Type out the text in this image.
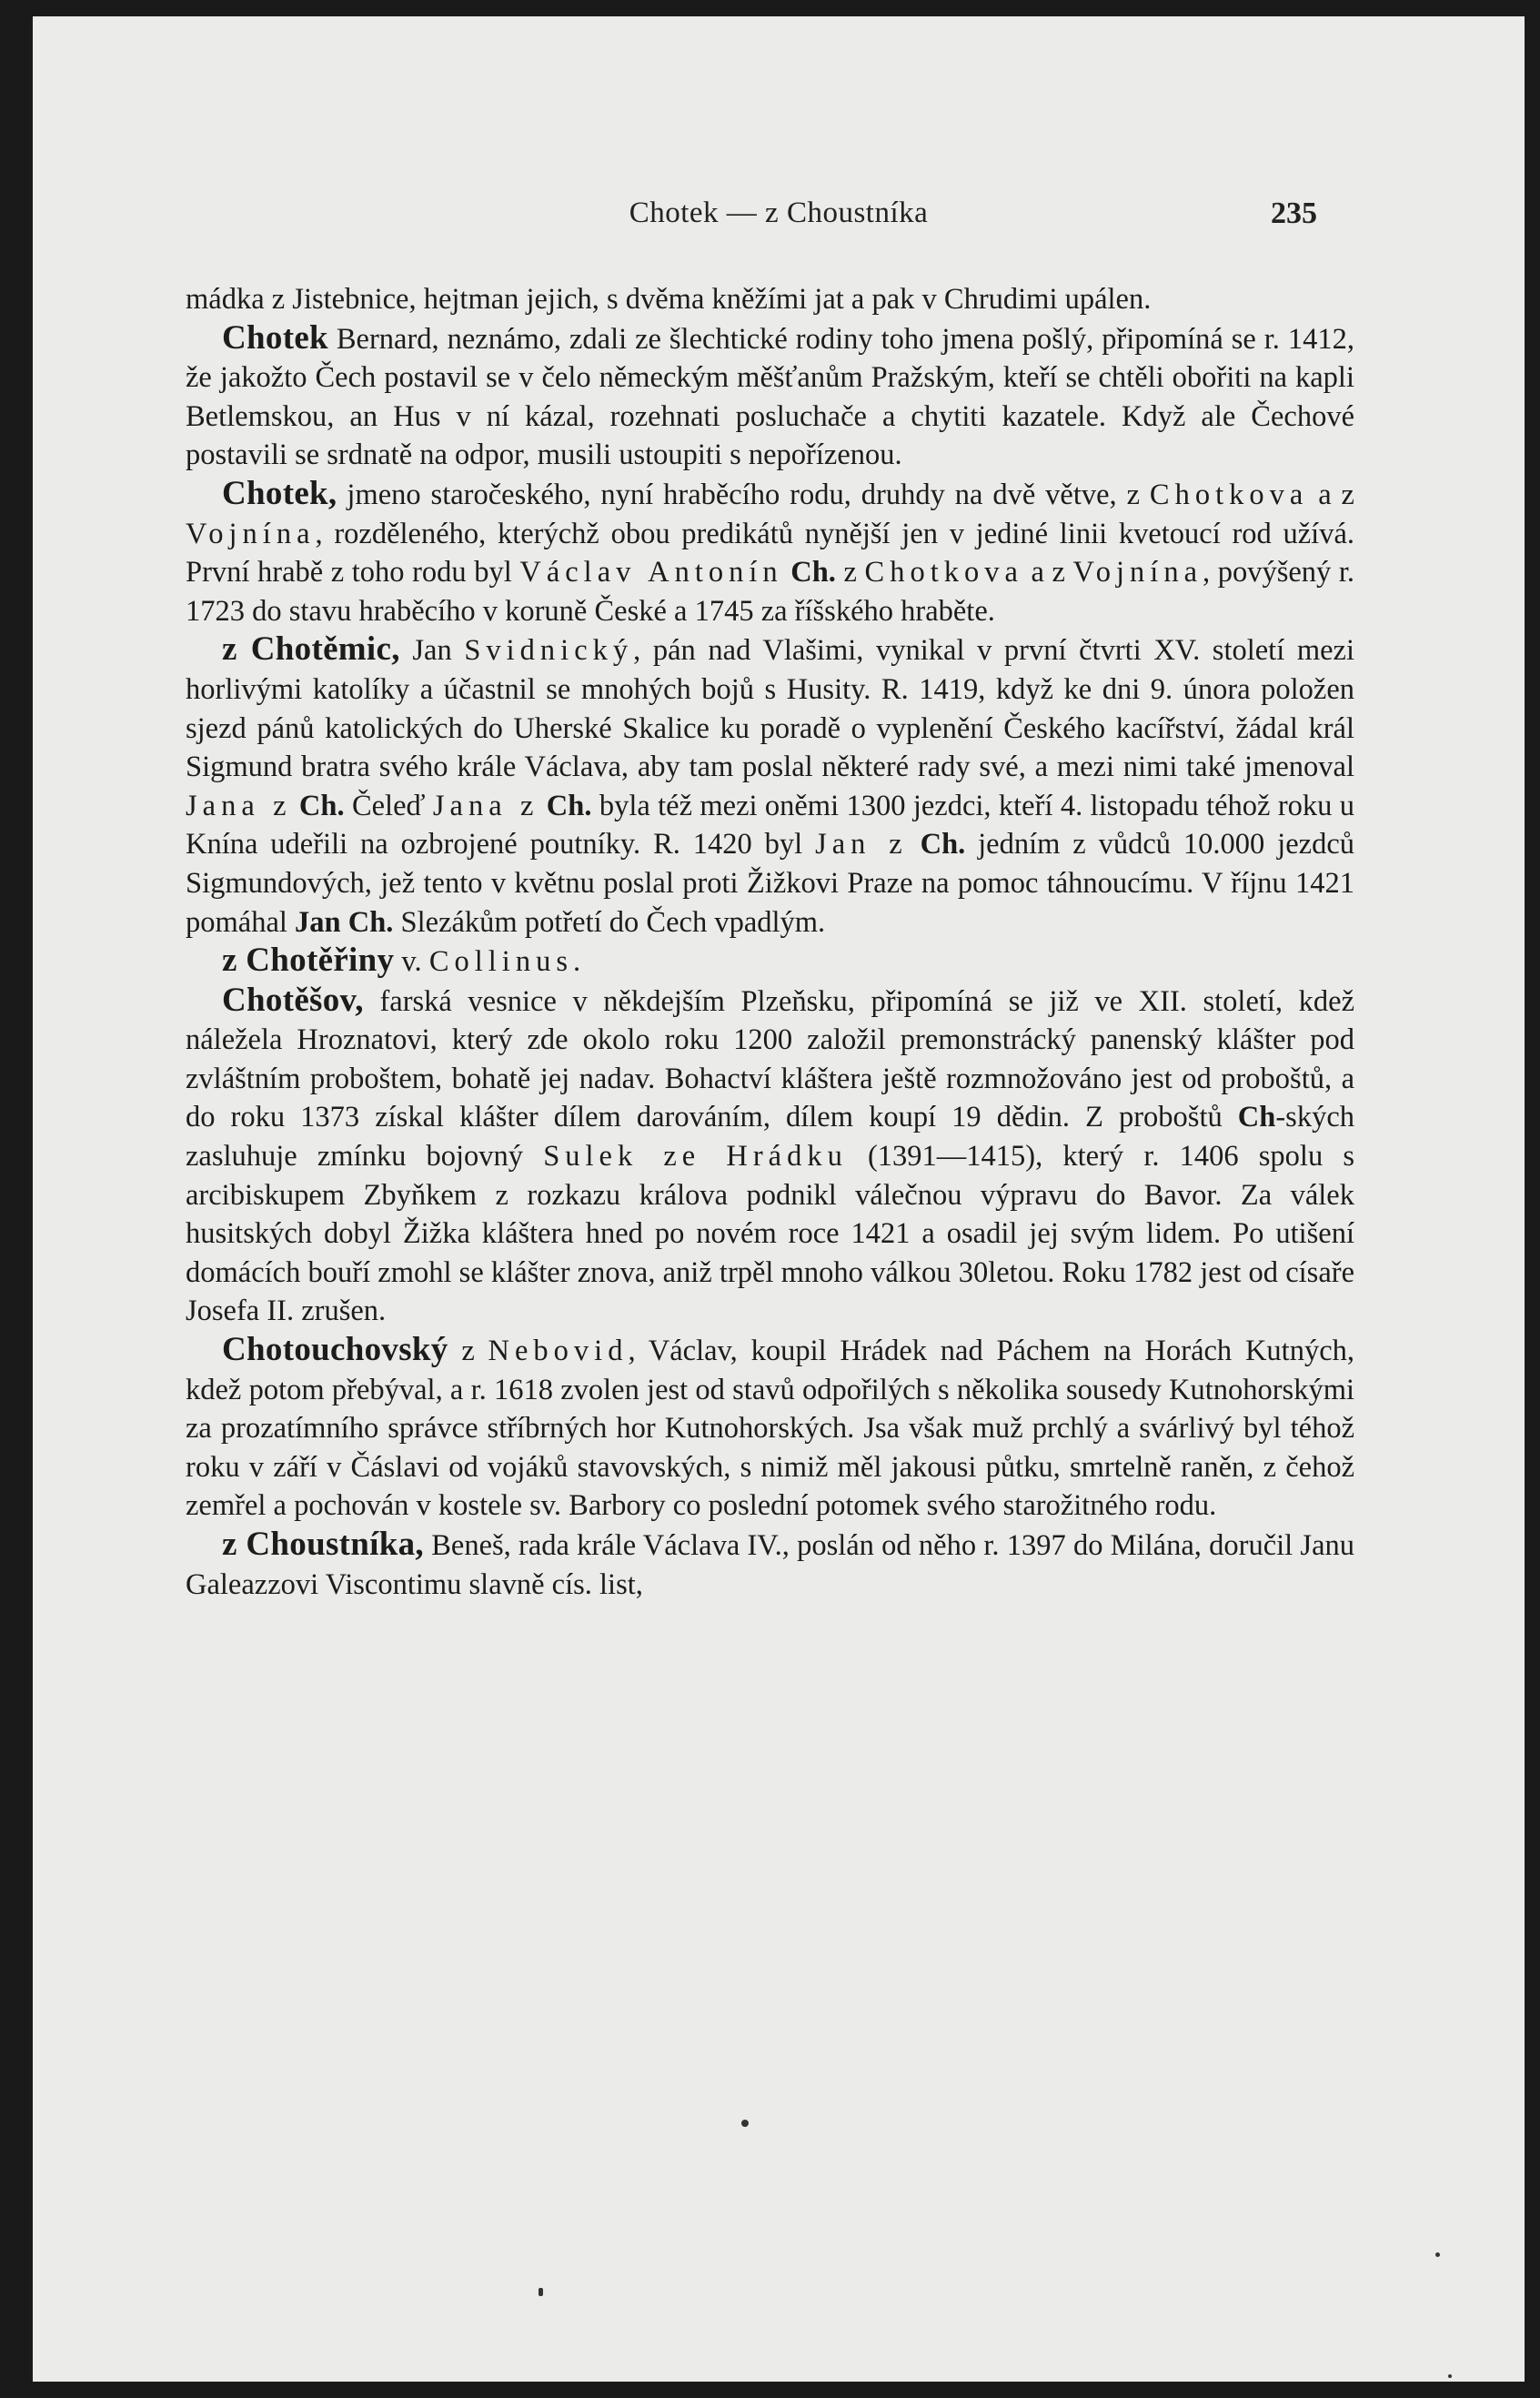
Chotek — z Choustníka	235

mádka z Jistebnice, hejtman jejich, s dvěma kněžími jat a pak v Chrudimi upálen.

Chotek Bernard, neznámo, zdali ze šlechtické rodiny toho jmena pošlý, připomíná se r. 1412, že jakožto Čech postavil se v čelo německým měšťanům Pražským, kteří se chtěli obořiti na kapli Betlemskou, an Hus v ní kázal, rozehnati posluchače a chytiti kazatele. Když ale Čechové postavili se srdnatě na odpor, musili ustoupiti s nepořízenou.

Chotek, jmeno staročeského, nyní hraběcího rodu, druhdy na dvě větve, z Chotkova a z Vojnína, rozděleného, kterýchž obou predikátů nynější jen v jediné linii kvetoucí rod užívá. První hrabě z toho rodu byl Václav Antonín Ch. z Chotkova a z Vojnína, povýšený r. 1723 do stavu hraběcího v koruně České a 1745 za říšského hraběte.

z Chotěmic, Jan Svidnický, pán nad Vlašimi, vynikal v první čtvrti XV. století mezi horlivými katolíky a účastnil se mnohých bojů s Husity. R. 1419, když ke dni 9. února položen sjezd pánů katolických do Uherské Skalice ku poradě o vyplenění Českého kacířství, žádal král Sigmund bratra svého krále Václava, aby tam poslal některé rady své, a mezi nimi také jmenoval Jana z Ch. Čeleď Jana z Ch. byla též mezi oněmi 1300 jezdci, kteří 4. listopadu téhož roku u Knína udeřili na ozbrojené poutníky. R. 1420 byl Jan z Ch. jedním z vůdců 10.000 jezdců Sigmundových, jež tento v květnu poslal proti Žižkovi Praze na pomoc táhnoucímu. V říjnu 1421 pomáhal Jan Ch. Slezákům potřetí do Čech vpadlým.

z Chotěřiny v. Collinus.

Chotěšov, farská vesnice v někdejším Plzeňsku, připomíná se již ve XII. století, kdež náležela Hroznatovi, který zde okolo roku 1200 založil premonstrácký panenský klášter pod zvláštním proboštem, bohatě jej nadav. Bohactví kláštera ještě rozmnožováno jest od proboštů, a do roku 1373 získal klášter dílem darováním, dílem koupí 19 dědin. Z proboštů Ch-ských zasluhuje zmínku bojovný Sulek ze Hrádku (1391—1415), který r. 1406 spolu s arcibiskupem Zbyňkem z rozkazu králova podnikl válečnou výpravu do Bavor. Za válek husitských dobyl Žižka kláštera hned po novém roce 1421 a osadil jej svým lidem. Po utišení domácích bouří zmohl se klášter znova, aniž trpěl mnoho válkou 30letou. Roku 1782 jest od císaře Josefa II. zrušen.

Chotouchovský z Nebovid, Václav, koupil Hrádek nad Páchem na Horách Kutných, kdež potom přebýval, a r. 1618 zvolen jest od stavů odpořilých s několika sousedy Kutnohorskými za prozatímního správce stříbrných hor Kutnohorských. Jsa však muž prchlý a svárlivý byl téhož roku v září v Čáslavi od vojáků stavovských, s nimiž měl jakousi půtku, smrtelně raněn, z čehož zemřel a pochován v kostele sv. Barbory co poslední potomek svého starožitného rodu.

z Choustníka, Beneš, rada krále Václava IV., poslán od něho r. 1397 do Milána, doručil Janu Galeazzovi Viscontimu slavně cís. list,
